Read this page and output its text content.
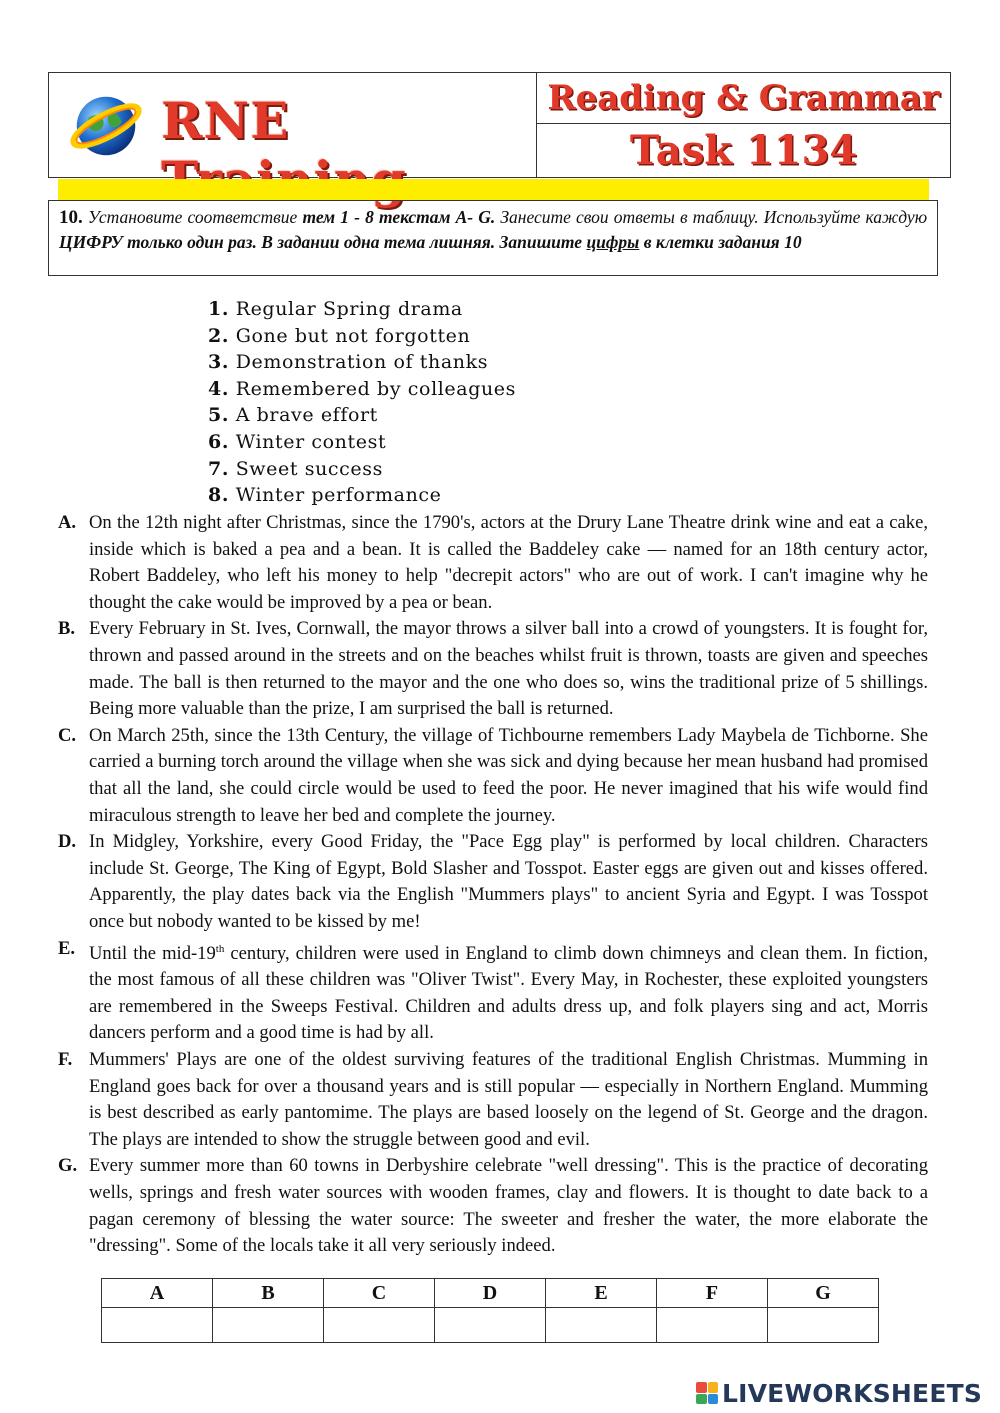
RNE	Reading & Grammar
Task 1134
10. Установите соответствие тем 1 - 8 текстам А- G. Занесите свои ответы в таблицу. Используйте каждую ЦИФРУ только один раз. В задании одна тема лишняя. Запишите цифры в клетки задания 10
1. Regular Spring drama
2. Gone but not forgotten
3. Demonstration of thanks
4. Remembered by colleagues
5. A brave effort
6. Winter contest
7. Sweet success
8. Winter performance
A. On the 12th night after Christmas, since the 1790's, actors at the Drury Lane Theatre drink wine and eat a cake, inside which is baked a pea and a bean. It is called the Baddeley cake — named for an 18th century actor, Robert Baddeley, who left his money to help "decrepit actors" who are out of work. I can't imagine why he thought the cake would be improved by a pea or bean.
B. Every February in St. Ives, Cornwall, the mayor throws a silver ball into a crowd of youngsters. It is fought for, thrown and passed around in the streets and on the beaches whilst fruit is thrown, toasts are given and speeches made. The ball is then returned to the mayor and the one who does so, wins the traditional prize of 5 shillings. Being more valuable than the prize, I am surprised the ball is returned.
C. On March 25th, since the 13th Century, the village of Tichbourne remembers Lady Maybela de Tichborne. She carried a burning torch around the village when she was sick and dying because her mean husband had promised that all the land, she could circle would be used to feed the poor. He never imagined that his wife would find miraculous strength to leave her bed and complete the journey.
D. In Midgley, Yorkshire, every Good Friday, the "Pace Egg play" is performed by local children. Characters include St. George, The King of Egypt, Bold Slasher and Tosspot. Easter eggs are given out and kisses offered. Apparently, the play dates back via the English "Mummers plays" to ancient Syria and Egypt. I was Tosspot once but nobody wanted to be kissed by me!
E. Until the mid-19th century, children were used in England to climb down chimneys and clean them. In fiction, the most famous of all these children was "Oliver Twist". Every May, in Rochester, these exploited youngsters are remembered in the Sweeps Festival. Children and adults dress up, and folk players sing and act, Morris dancers perform and a good time is had by all.
F. Mummers' Plays are one of the oldest surviving features of the traditional English Christmas. Mumming in England goes back for over a thousand years and is still popular — especially in Northern England. Mumming is best described as early pantomime. The plays are based loosely on the legend of St. George and the dragon. The plays are intended to show the struggle between good and evil.
G. Every summer more than 60 towns in Derbyshire celebrate "well dressing". This is the practice of decorating wells, springs and fresh water sources with wooden frames, clay and flowers. It is thought to date back to a pagan ceremony of blessing the water source: The sweeter and fresher the water, the more elaborate the "dressing". Some of the locals take it all very seriously indeed.
A	B	C	D	E	F	G

LIVEWORKSHEETS
